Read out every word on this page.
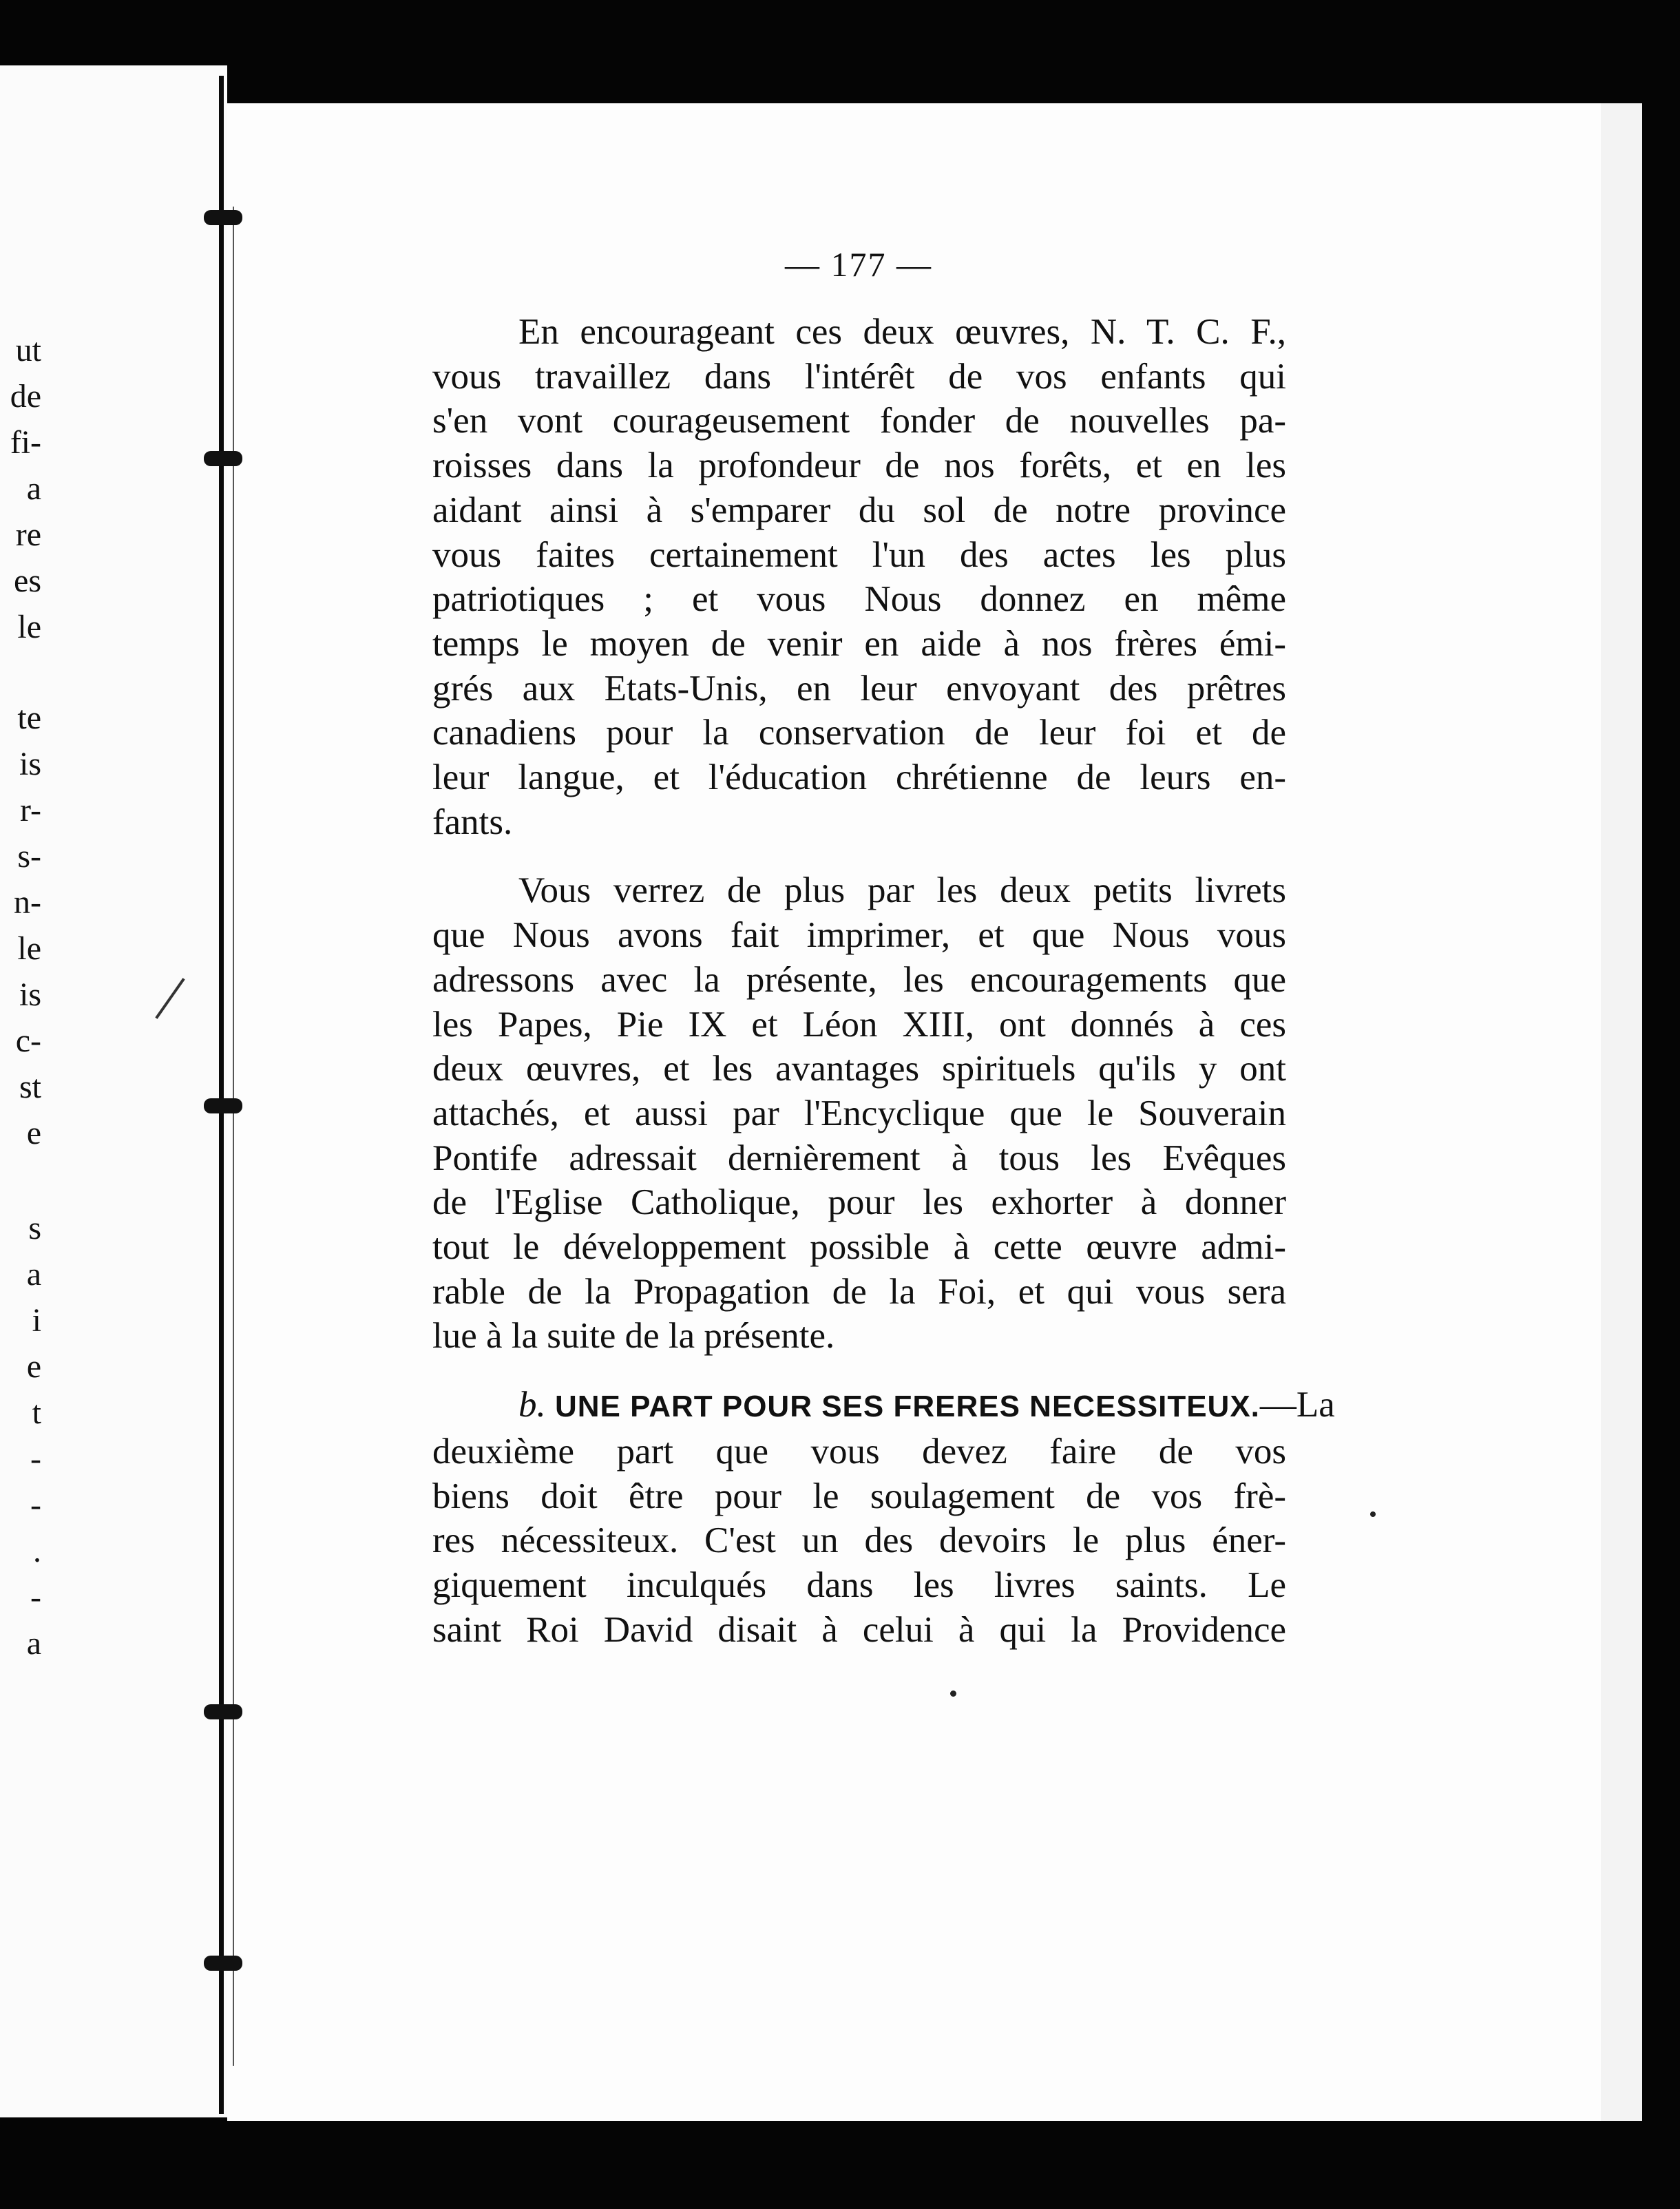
ut
de
fi-
a
re
es
le
te
is
r-
s-
n-
le
is
c-
st
e
s
a
i
e
t
-
-
.
-
a
— 177 —
En encourageant ces deux œuvres, N. T. C. F.,
vous travaillez dans l'intérêt de vos enfants qui
s'en vont courageusement fonder de nouvelles pa-
roisses dans la profondeur de nos forêts, et en les
aidant ainsi à s'emparer du sol de notre province
vous faites certainement l'un des actes les plus
patriotiques ; et vous Nous donnez en même
temps le moyen de venir en aide à nos frères émi-
grés aux Etats-Unis, en leur envoyant des prêtres
canadiens pour la conservation de leur foi et de
leur langue, et l'éducation chrétienne de leurs en-
fants.
Vous verrez de plus par les deux petits livrets
que Nous avons fait imprimer, et que Nous vous
adressons avec la présente, les encouragements que
les Papes, Pie IX et Léon XIII, ont donnés à ces
deux œuvres, et les avantages spirituels qu'ils y ont
attachés, et aussi par l'Encyclique que le Souverain
Pontife adressait dernièrement à tous les Evêques
de l'Eglise Catholique, pour les exhorter à donner
tout le développement possible à cette œuvre admi-
rable de la Propagation de la Foi, et qui vous sera
lue à la suite de la présente.
b. UNE PART POUR SES FRERES NECESSITEUX.—La
deuxième part que vous devez faire de vos
biens doit être pour le soulagement de vos frè-
res nécessiteux. C'est un des devoirs le plus éner-
giquement inculqués dans les livres saints. Le
saint Roi David disait à celui à qui la Providence
